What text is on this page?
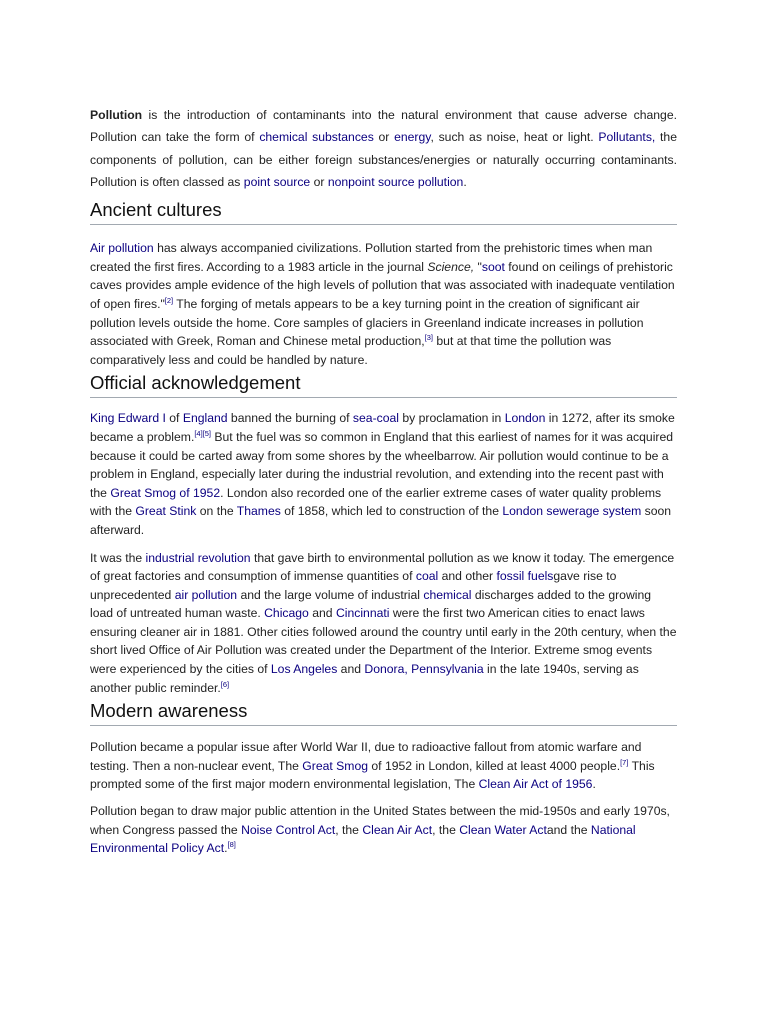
Pollution is the introduction of contaminants into the natural environment that cause adverse change. Pollution can take the form of chemical substances or energy, such as noise, heat or light. Pollutants, the components of pollution, can be either foreign substances/energies or naturally occurring contaminants. Pollution is often classed as point source or nonpoint source pollution.

Ancient cultures

Air pollution has always accompanied civilizations. Pollution started from the prehistoric times when man created the first fires. According to a 1983 article in the journal Science, "soot found on ceilings of prehistoric caves provides ample evidence of the high levels of pollution that was associated with inadequate ventilation of open fires."[2] The forging of metals appears to be a key turning point in the creation of significant air pollution levels outside the home. Core samples of glaciers in Greenland indicate increases in pollution associated with Greek, Roman and Chinese metal production,[3] but at that time the pollution was comparatively less and could be handled by nature.

Official acknowledgement

King Edward I of England banned the burning of sea-coal by proclamation in London in 1272, after its smoke became a problem.[4][5] But the fuel was so common in England that this earliest of names for it was acquired because it could be carted away from some shores by the wheelbarrow. Air pollution would continue to be a problem in England, especially later during the industrial revolution, and extending into the recent past with the Great Smog of 1952. London also recorded one of the earlier extreme cases of water quality problems with the Great Stink on the Thames of 1858, which led to construction of the London sewerage system soon afterward.

It was the industrial revolution that gave birth to environmental pollution as we know it today. The emergence of great factories and consumption of immense quantities of coal and other fossil fuelsgave rise to unprecedented air pollution and the large volume of industrial chemical discharges added to the growing load of untreated human waste. Chicago and Cincinnati were the first two American cities to enact laws ensuring cleaner air in 1881. Other cities followed around the country until early in the 20th century, when the short lived Office of Air Pollution was created under the Department of the Interior. Extreme smog events were experienced by the cities of Los Angeles and Donora, Pennsylvania in the late 1940s, serving as another public reminder.[6]

Modern awareness

Pollution became a popular issue after World War II, due to radioactive fallout from atomic warfare and testing. Then a non-nuclear event, The Great Smog of 1952 in London, killed at least 4000 people.[7] This prompted some of the first major modern environmental legislation, The Clean Air Act of 1956.

Pollution began to draw major public attention in the United States between the mid-1950s and early 1970s, when Congress passed the Noise Control Act, the Clean Air Act, the Clean Water Actand the National Environmental Policy Act.[8]
